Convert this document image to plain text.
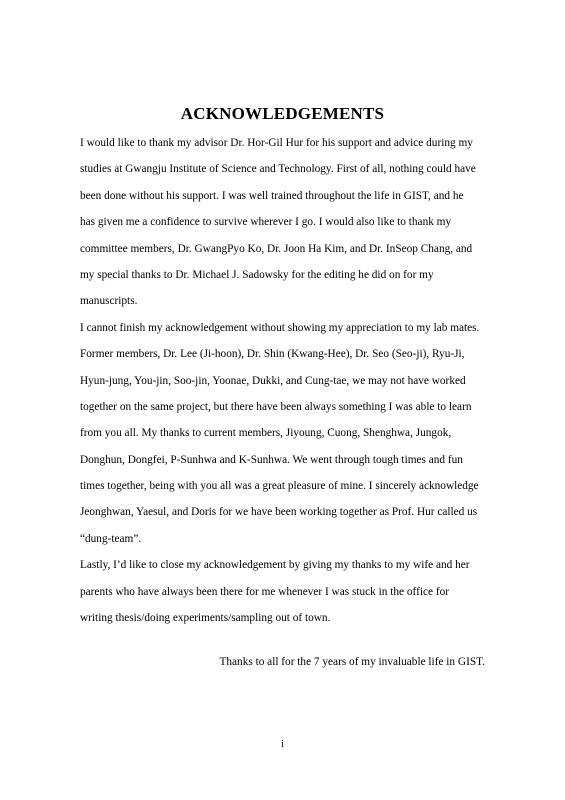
ACKNOWLEDGEMENTS
I would like to thank my advisor Dr. Hor-Gil Hur for his support and advice during my
studies at Gwangju Institute of Science and Technology. First of all, nothing could have
been done without his support. I was well trained throughout the life in GIST, and he
has given me a confidence to survive wherever I go. I would also like to thank my
committee members, Dr. GwangPyo Ko, Dr. Joon Ha Kim, and Dr. InSeop Chang, and
my special thanks to Dr. Michael J. Sadowsky for the editing he did on for my
manuscripts.
I cannot finish my acknowledgement without showing my appreciation to my lab mates.
Former members, Dr. Lee (Ji-hoon), Dr. Shin (Kwang-Hee), Dr. Seo (Seo-ji), Ryu-Ji,
Hyun-jung, You-jin, Soo-jin, Yoonae, Dukki, and Cung-tae, we may not have worked
together on the same project, but there have been always something I was able to learn
from you all. My thanks to current members, Jiyoung, Cuong, Shenghwa, Jungok,
Donghun, Dongfei, P-Sunhwa and K-Sunhwa. We went through tough times and fun
times together, being with you all was a great pleasure of mine. I sincerely acknowledge
Jeonghwan, Yaesul, and Doris for we have been working together as Prof. Hur called us
“dung-team”.
Lastly, I’d like to close my acknowledgement by giving my thanks to my wife and her
parents who have always been there for me whenever I was stuck in the office for
writing thesis/doing experiments/sampling out of town.
Thanks to all for the 7 years of my invaluable life in GIST.
i
